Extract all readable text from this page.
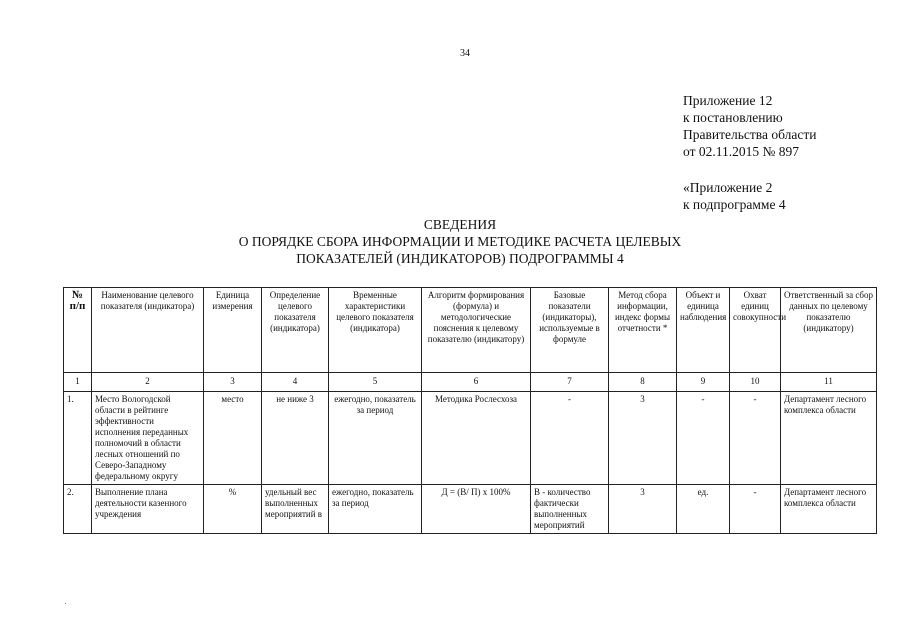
34
Приложение 12
к постановлению
Правительства области
от 02.11.2015 № 897
«Приложение 2
к подпрограмме 4
СВЕДЕНИЯ
О ПОРЯДКЕ СБОРА ИНФОРМАЦИИ И МЕТОДИКЕ РАСЧЕТА ЦЕЛЕВЫХ
ПОКАЗАТЕЛЕЙ (ИНДИКАТОРОВ) ПОДРОГРАММЫ 4
№ п/п	Наименование целевого показателя (индикатора)	Единица измерения	Определение целевого показателя (индикатора)	Временные характеристики целевого показателя (индикатора)	Алгоритм формирования (формула) и методологические пояснения к целевому показателю (индикатору)	Базовые показатели (индикаторы), используемые в формуле	Метод сбора информации, индекс формы отчетности *	Объект и единица наблюдения	Охват единиц совокупности	Ответственный за сбор данных по целевому показателю (индикатору)
1	2	3	4	5	6	7	8	9	10	11
1.	Место Вологодской области в рейтинге эффективности исполнения переданных полномочий в области лесных отношений по Северо-Западному федеральному округу	место	не ниже 3	ежегодно, показатель за период	Методика Рослесхоза	-	3	-	-	Департамент лесного комплекса области
2.	Выполнение плана деятельности казенного учреждения	%	удельный вес выполненных мероприятий в	ежегодно, показатель за период	Д = (В/ П) х 100%	В - количество фактически выполненных мероприятий	3	ед.	-	Департамент лесного комплекса области
